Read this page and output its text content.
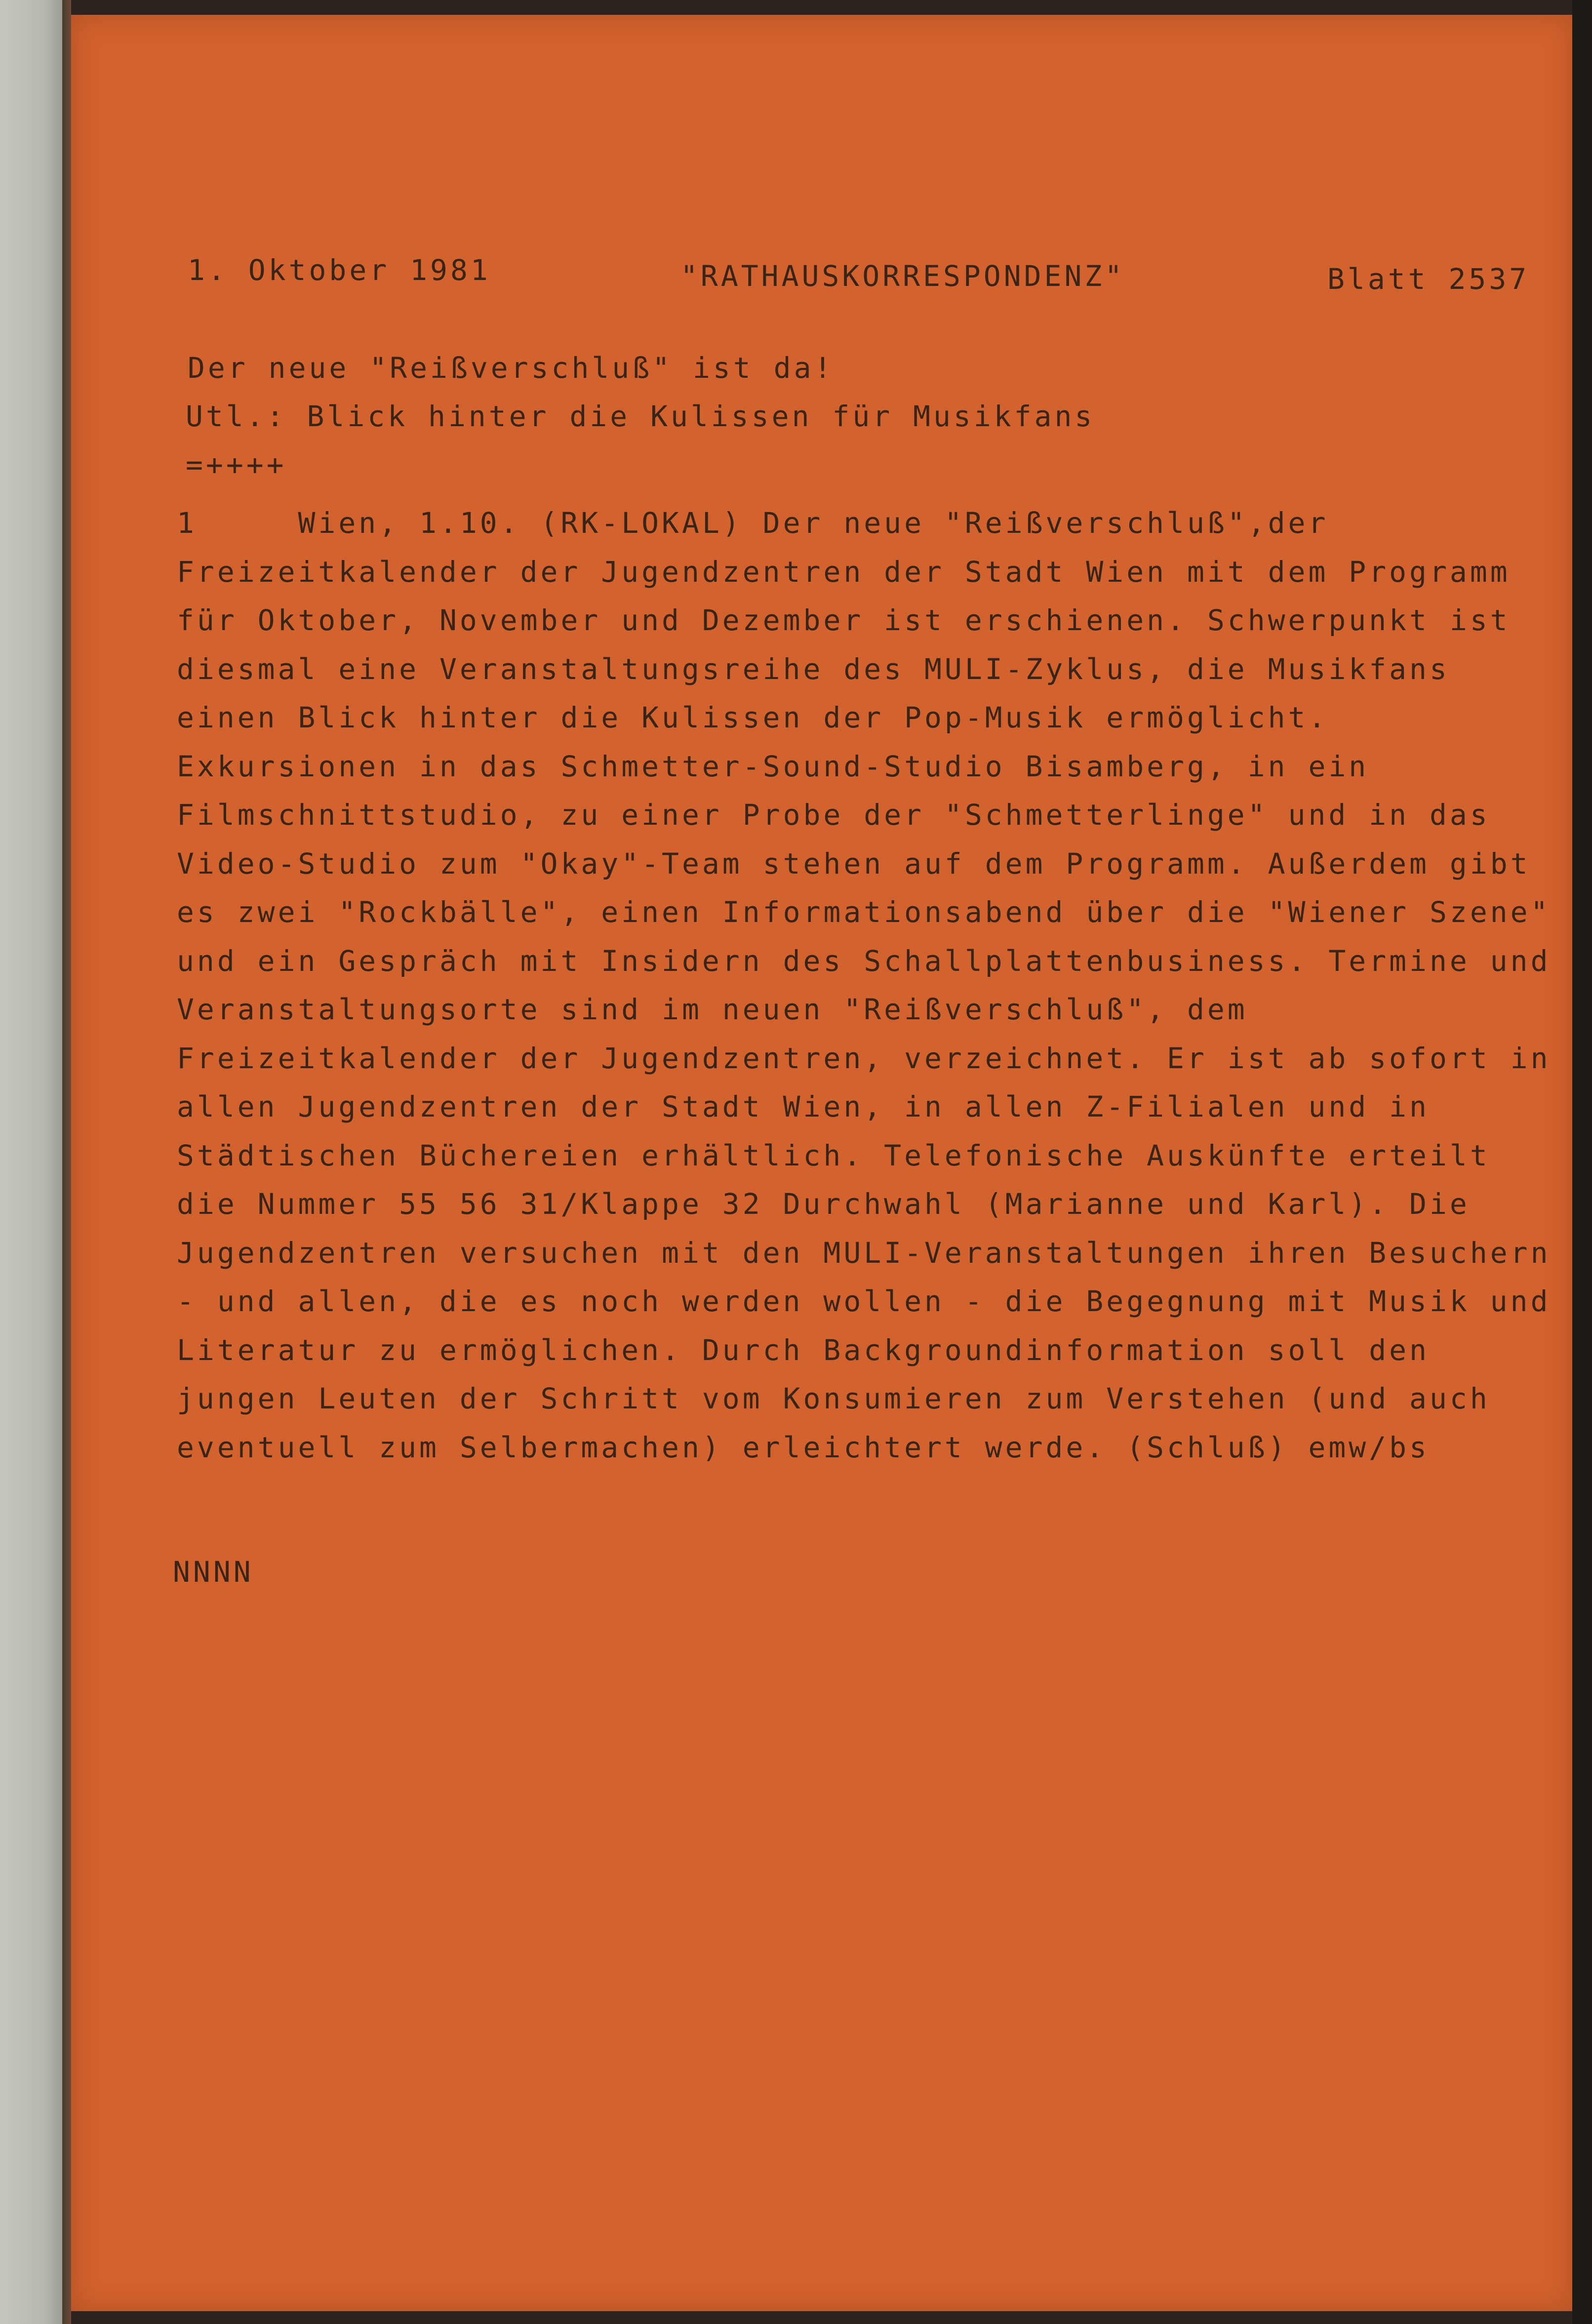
1. Oktober 1981	"RATHAUSKORRESPONDENZ"	Blatt 2537
Der neue "Reißverschluß" ist da!
Utl.: Blick hinter die Kulissen für Musikfans
=++++
1     Wien, 1.10. (RK-LOKAL) Der neue "Reißverschluß",der
Freizeitkalender der Jugendzentren der Stadt Wien mit dem Programm
für Oktober, November und Dezember ist erschienen. Schwerpunkt ist
diesmal eine Veranstaltungsreihe des MULI-Zyklus, die Musikfans
einen Blick hinter die Kulissen der Pop-Musik ermöglicht.
Exkursionen in das Schmetter-Sound-Studio Bisamberg, in ein
Filmschnittstudio, zu einer Probe der "Schmetterlinge" und in das
Video-Studio zum "Okay"-Team stehen auf dem Programm. Außerdem gibt
es zwei "Rockbälle", einen Informationsabend über die "Wiener Szene"
und ein Gespräch mit Insidern des Schallplattenbusiness. Termine und
Veranstaltungsorte sind im neuen "Reißverschluß", dem
Freizeitkalender der Jugendzentren, verzeichnet. Er ist ab sofort in
allen Jugendzentren der Stadt Wien, in allen Z-Filialen und in
Städtischen Büchereien erhältlich. Telefonische Auskünfte erteilt
die Nummer 55 56 31/Klappe 32 Durchwahl (Marianne und Karl). Die
Jugendzentren versuchen mit den MULI-Veranstaltungen ihren Besuchern
- und allen, die es noch werden wollen - die Begegnung mit Musik und
Literatur zu ermöglichen. Durch Backgroundinformation soll den
jungen Leuten der Schritt vom Konsumieren zum Verstehen (und auch
eventuell zum Selbermachen) erleichtert werde. (Schluß) emw/bs
NNNN
